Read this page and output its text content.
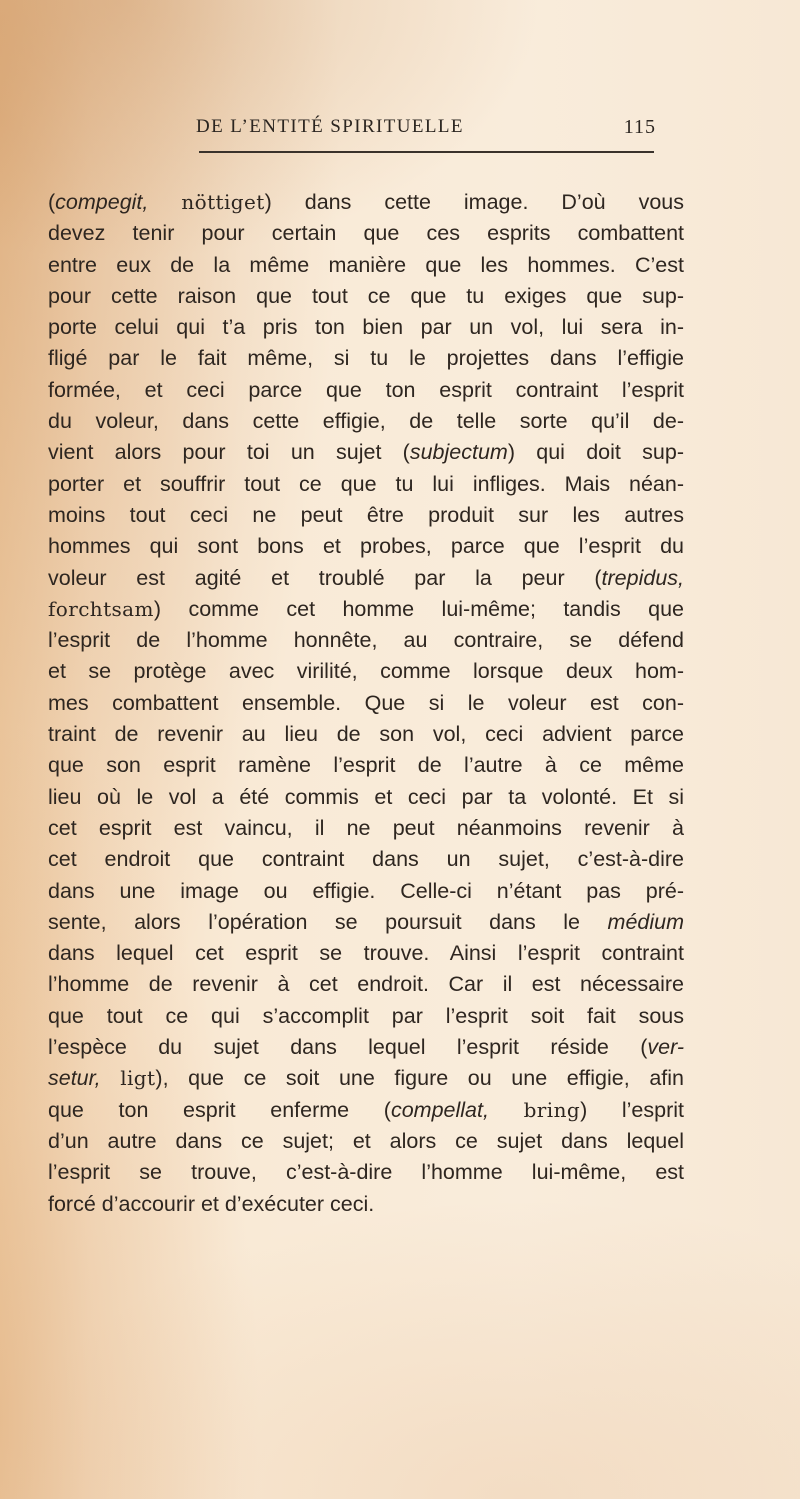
DE L’ENTITÉ SPIRITUELLE	115
(compegit, nöttiget) dans cette image. D’où vous
devez tenir pour certain que ces esprits combattent
entre eux de la même manière que les hommes. C’est
pour cette raison que tout ce que tu exiges que sup-
porte celui qui t’a pris ton bien par un vol, lui sera in-
fligé par le fait même, si tu le projettes dans l’effigie
formée, et ceci parce que ton esprit contraint l’esprit
du voleur, dans cette effigie, de telle sorte qu’il de-
vient alors pour toi un sujet (subjectum) qui doit sup-
porter et souffrir tout ce que tu lui infliges. Mais néan-
moins tout ceci ne peut être produit sur les autres
hommes qui sont bons et probes, parce que l’esprit du
voleur est agité et troublé par la peur (trepidus,
forchtsam) comme cet homme lui-même; tandis que
l’esprit de l’homme honnête, au contraire, se défend
et se protège avec virilité, comme lorsque deux hom-
mes combattent ensemble. Que si le voleur est con-
traint de revenir au lieu de son vol, ceci advient parce
que son esprit ramène l’esprit de l’autre à ce même
lieu où le vol a été commis et ceci par ta volonté. Et si
cet esprit est vaincu, il ne peut néanmoins revenir à
cet endroit que contraint dans un sujet, c’est-à-dire
dans une image ou effigie. Celle-ci n’étant pas pré-
sente, alors l’opération se poursuit dans le médium
dans lequel cet esprit se trouve. Ainsi l’esprit contraint
l’homme de revenir à cet endroit. Car il est nécessaire
que tout ce qui s’accomplit par l’esprit soit fait sous
l’espèce du sujet dans lequel l’esprit réside (ver-
setur, ligt), que ce soit une figure ou une effigie, afin
que ton esprit enferme (compellat, bring) l’esprit
d’un autre dans ce sujet; et alors ce sujet dans lequel
l’esprit se trouve, c’est-à-dire l’homme lui-même, est
forcé d’accourir et d’exécuter ceci.
